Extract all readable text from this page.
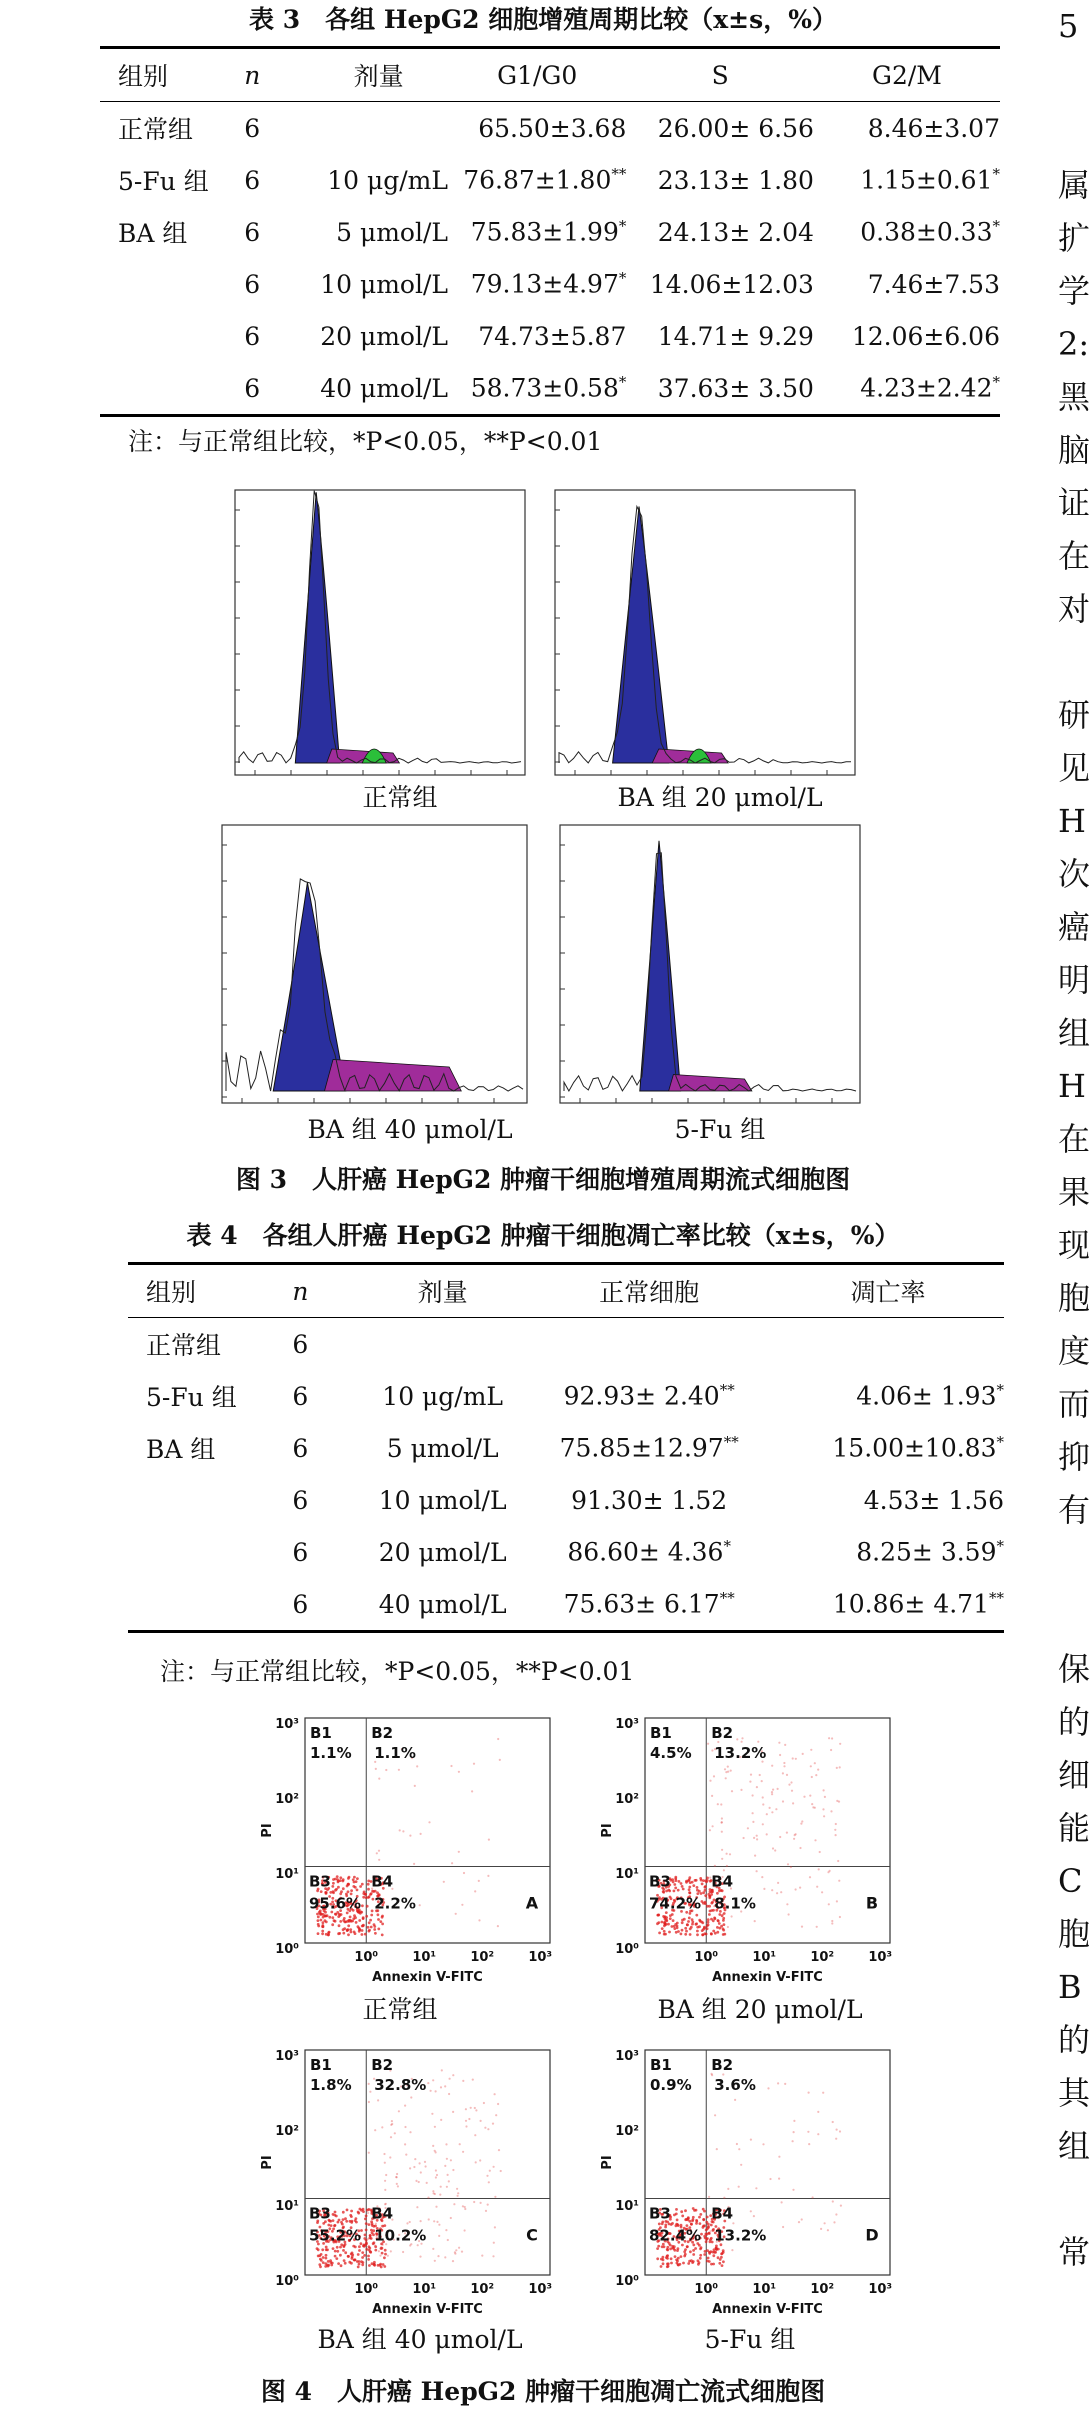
表 3　各组 HepG2 细胞增殖周期比较（x±s，%）
组别	n	剂量	G1/G0	S	G2/M
正常组	6		65.50±3.68	26.00± 6.56	8.46±3.07
5-Fu 组	6	10 μg/mL	76.87±1.80**	23.13± 1.80	1.15±0.61*
BA 组	6	5 μmol/L	75.83±1.99*	24.13± 2.04	0.38±0.33*
	6	10 μmol/L	79.13±4.97*	14.06±12.03	7.46±7.53
	6	20 μmol/L	74.73±5.87	14.71± 9.29	12.06±6.06
	6	40 μmol/L	58.73±0.58*	37.63± 3.50	4.23±2.42*
注：与正常组比较，*P<0.05，**P<0.01
正常组	BA 组 20 μmol/L
BA 组 40 μmol/L	5-Fu 组
图 3　人肝癌 HepG2 肿瘤干细胞增殖周期流式细胞图
表 4　各组人肝癌 HepG2 肿瘤干细胞凋亡率比较（x±s，%）
组别	n	剂量	正常细胞	凋亡率
正常组	6			
5-Fu 组	6	10 μg/mL	92.93± 2.40**	4.06± 1.93*
BA 组	6	5 μmol/L	75.85±12.97**	15.00±10.83*
	6	10 μmol/L	91.30± 1.52	4.53± 1.56
	6	20 μmol/L	86.60± 4.36*	8.25± 3.59*
	6	40 μmol/L	75.63± 6.17**	10.86± 4.71**
注：与正常组比较，*P<0.05，**P<0.01
B1	B2
B3	B4
1.1% 1.1%
95.6% 2.2%	A
10³
10²
10¹
10⁰
10⁰	10¹	10²	10³
Annexin V-FITC
PI
B1	B2
B3	B4
4.5% 13.2%
74.2% 8.1%	B
10³
10²
10¹
10⁰
10⁰	10¹	10²	10³
Annexin V-FITC
PI
B1	B2
B3	B4
1.8% 32.8%
55.2% 10.2%	C
10³
10²
10¹
10⁰
10⁰	10¹	10²	10³
Annexin V-FITC
PI
B1	B2
B3	B4
0.9% 3.6%
82.4% 13.2%	D
10³
10²
10¹
10⁰
10⁰	10¹	10²	10³
Annexin V-FITC
PI
正常组	BA 组 20 μmol/L
BA 组 40 μmol/L	5-Fu 组
图 4　人肝癌 HepG2 肿瘤干细胞凋亡流式细胞图
5
属
扩
学
2:
黑
脑
证
在
对
研
见
H
次
癌
明
组
H
在
果
现
胞
度
而
抑
有
保
的
细
能
C
胞
B
的
其
组
常
